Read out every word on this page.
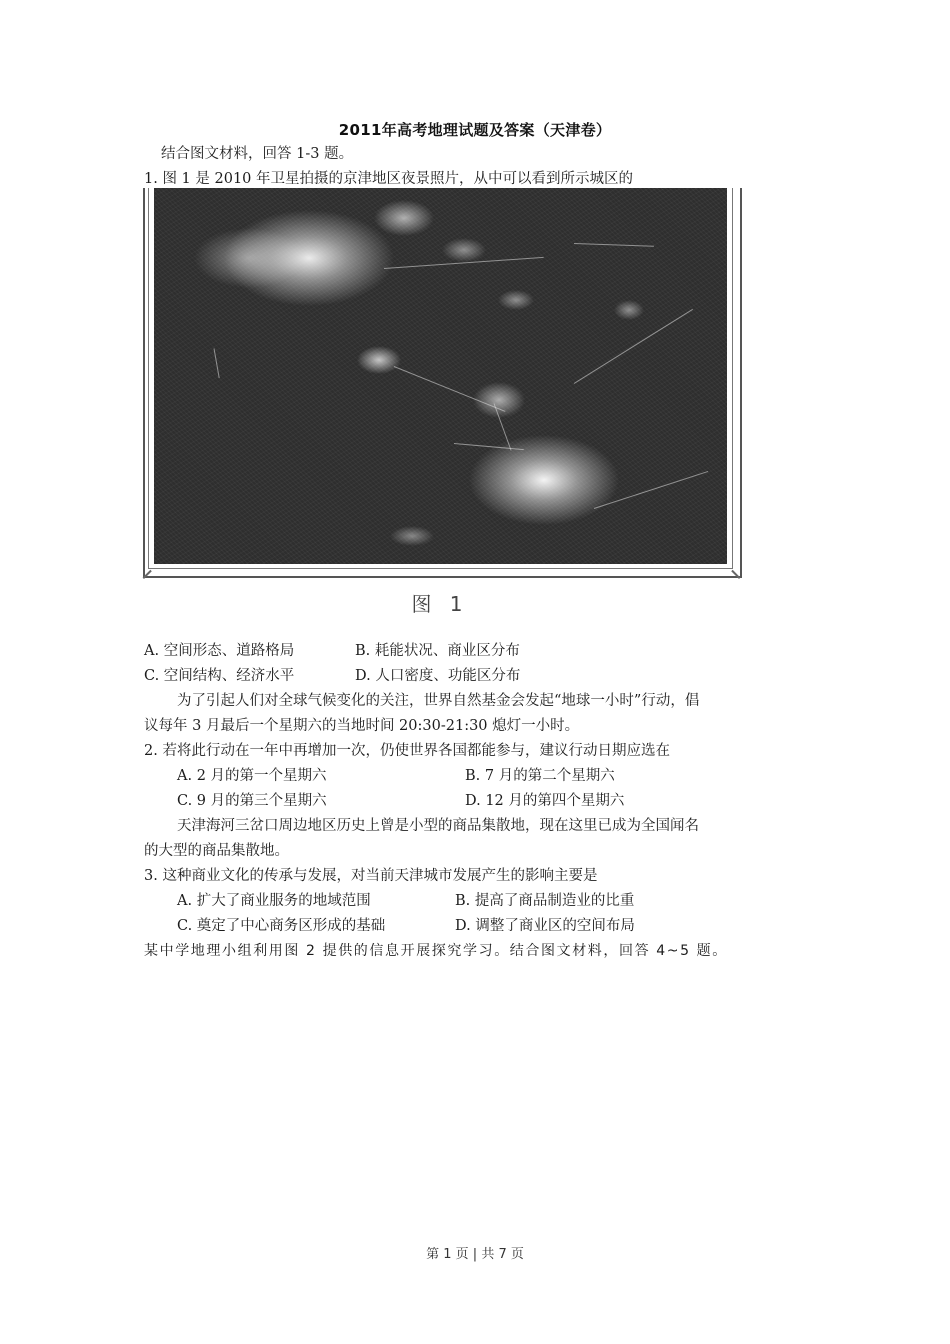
2011年高考地理试题及答案（天津卷）
结合图文材料，回答 1-3 题。
1. 图 1 是 2010 年卫星拍摄的京津地区夜景照片，从中可以看到所示城区的
图 1
A. 空间形态、道路格局	B. 耗能状况、商业区分布
C. 空间结构、经济水平	D. 人口密度、功能区分布
为了引起人们对全球气候变化的关注，世界自然基金会发起“地球一小时”行动，倡
议每年 3 月最后一个星期六的当地时间 20:30-21:30 熄灯一小时。
2. 若将此行动在一年中再增加一次，仍使世界各国都能参与，建议行动日期应选在
A. 2 月的第一个星期六	B. 7 月的第二个星期六
C. 9 月的第三个星期六	D. 12 月的第四个星期六
天津海河三岔口周边地区历史上曾是小型的商品集散地，现在这里已成为全国闻名
的大型的商品集散地。
3. 这种商业文化的传承与发展，对当前天津城市发展产生的影响主要是
A. 扩大了商业服务的地域范围	B. 提高了商品制造业的比重
C. 奠定了中心商务区形成的基础	D. 调整了商业区的空间布局
某中学地理小组利用图 2 提供的信息开展探究学习。结合图文材料，回答 4~5 题。
第 1 页 | 共 7 页
